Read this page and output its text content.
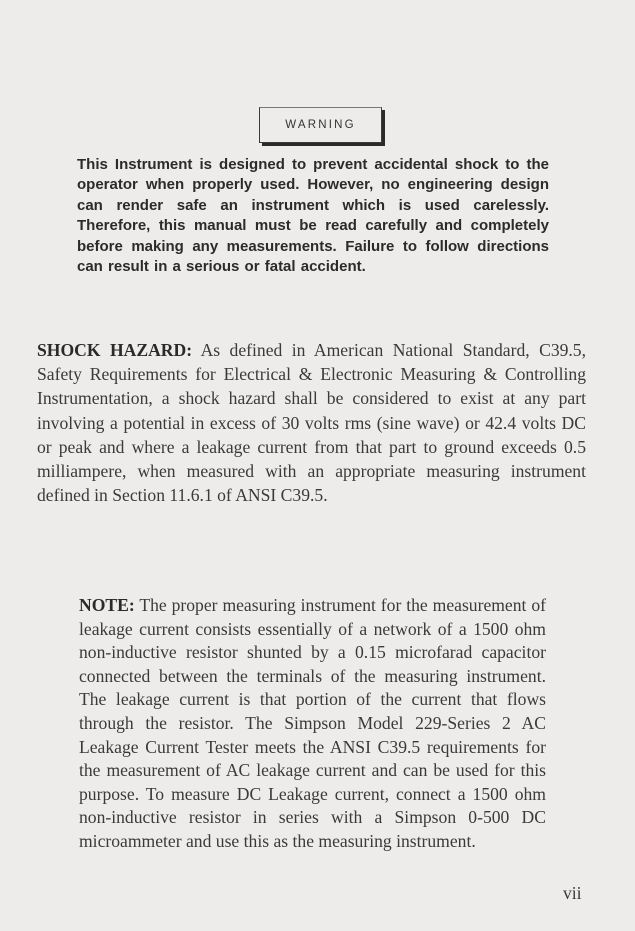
WARNING

This Instrument is designed to prevent accidental shock to the operator when properly used. However, no engineering design can render safe an instrument which is used carelessly. Therefore, this manual must be read carefully and completely before making any measurements. Failure to follow directions can result in a serious or fatal accident.

SHOCK HAZARD: As defined in American National Standard, C39.5, Safety Requirements for Electrical & Electronic Measuring & Controlling Instrumentation, a shock hazard shall be considered to exist at any part involving a potential in excess of 30 volts rms (sine wave) or 42.4 volts DC or peak and where a leakage current from that part to ground exceeds 0.5 milliampere, when measured with an appropriate measuring instrument defined in Section 11.6.1 of ANSI C39.5.

NOTE: The proper measuring instrument for the measurement of leakage current consists essentially of a network of a 1500 ohm non-inductive resistor shunted by a 0.15 microfarad capacitor connected between the terminals of the measuring instrument. The leakage current is that portion of the current that flows through the resistor. The Simpson Model 229-Series 2 AC Leakage Current Tester meets the ANSI C39.5 requirements for the measurement of AC leakage current and can be used for this purpose. To measure DC Leakage current, connect a 1500 ohm non-inductive resistor in series with a Simpson 0-500 DC microammeter and use this as the measuring instrument.

vii
